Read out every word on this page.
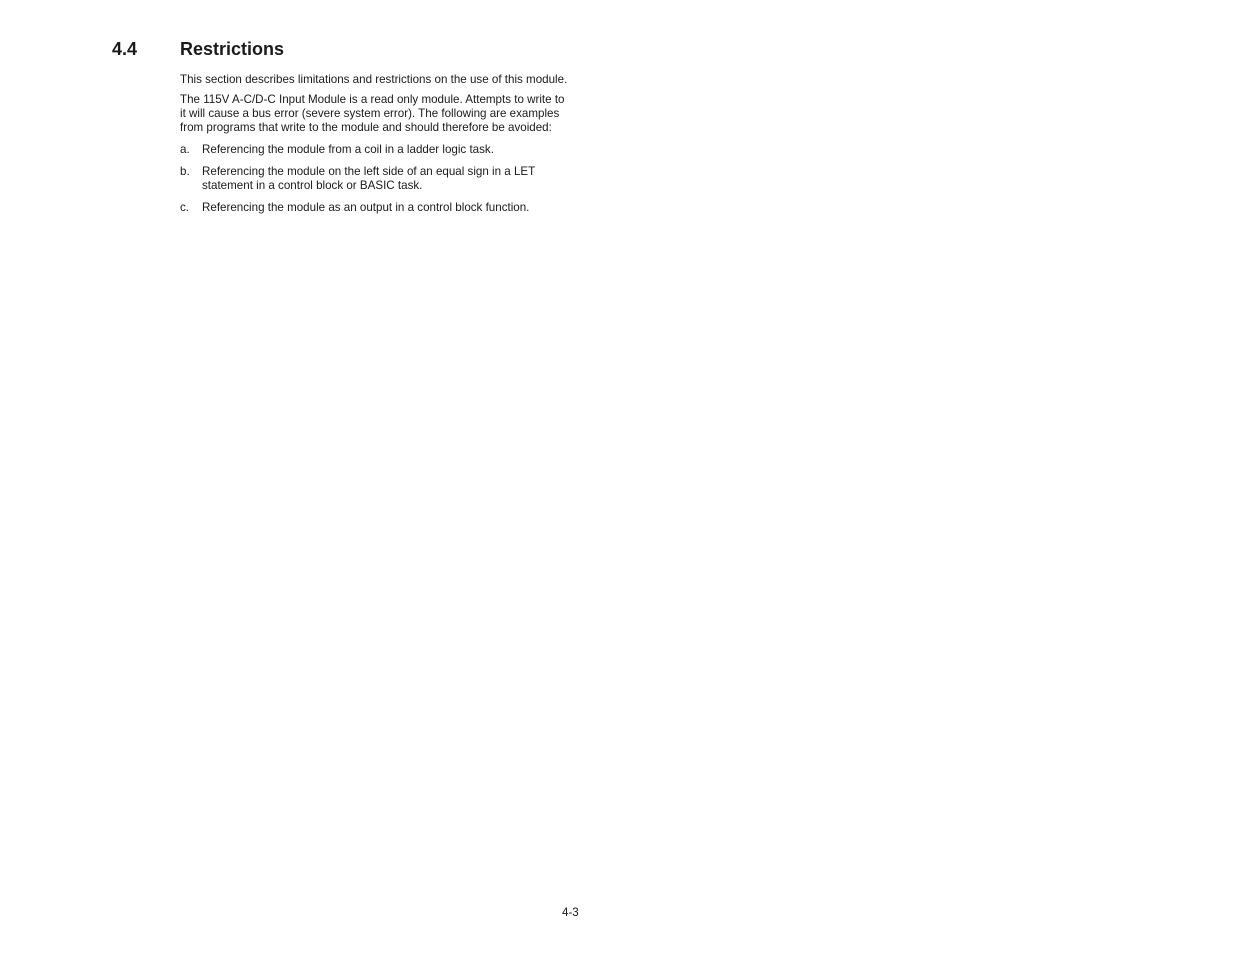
4.4 Restrictions

This section describes limitations and restrictions on the use of this module.

The 115V A-C/D-C Input Module is a read only module. Attempts to write to it will cause a bus error (severe system error). The following are examples from programs that write to the module and should therefore be avoided:

a. Referencing the module from a coil in a ladder logic task.
b. Referencing the module on the left side of an equal sign in a LET statement in a control block or BASIC task.
c. Referencing the module as an output in a control block function.
4-3
